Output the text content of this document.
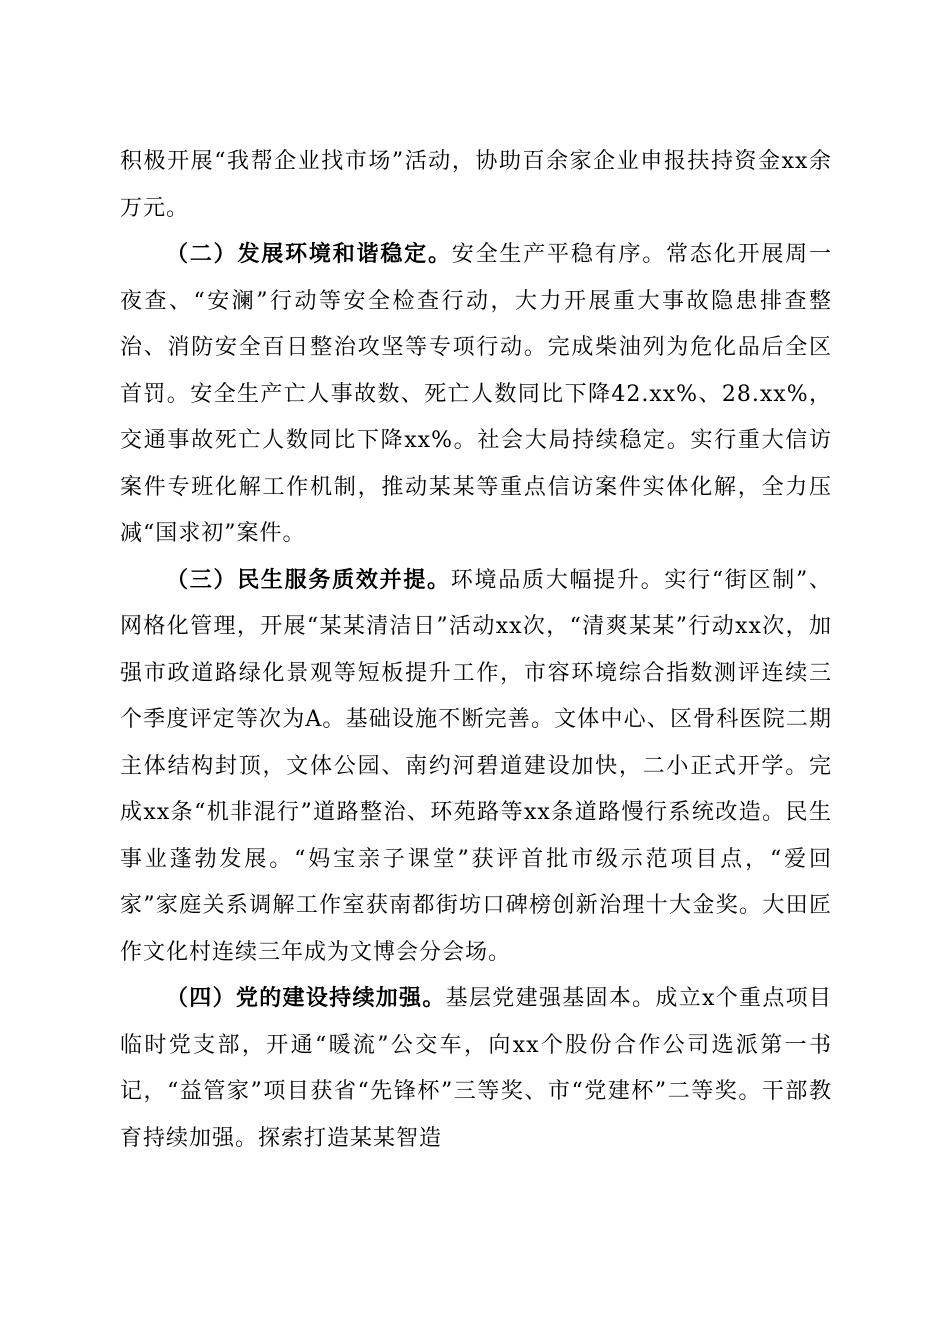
积极开展“我帮企业找市场”活动，协助百余家企业申报扶持资金xx余万元。

（二）发展环境和谐稳定。安全生产平稳有序。常态化开展周一夜查、“安澜”行动等安全检查行动，大力开展重大事故隐患排查整治、消防安全百日整治攻坚等专项行动。完成柴油列为危化品后全区首罚。安全生产亡人事故数、死亡人数同比下降42.xx%、28.xx%，交通事故死亡人数同比下降xx%。社会大局持续稳定。实行重大信访案件专班化解工作机制，推动某某等重点信访案件实体化解，全力压减“国求初”案件。

（三）民生服务质效并提。环境品质大幅提升。实行“街区制”、网格化管理，开展“某某清洁日”活动xx次，“清爽某某”行动xx次，加强市政道路绿化景观等短板提升工作，市容环境综合指数测评连续三个季度评定等次为A。基础设施不断完善。文体中心、区骨科医院二期主体结构封顶，文体公园、南约河碧道建设加快，二小正式开学。完成xx条“机非混行”道路整治、环苑路等xx条道路慢行系统改造。民生事业蓬勃发展。“妈宝亲子课堂”获评首批市级示范项目点，“爱回家”家庭关系调解工作室获南都街坊口碑榜创新治理十大金奖。大田匠作文化村连续三年成为文博会分会场。

（四）党的建设持续加强。基层党建强基固本。成立x个重点项目临时党支部，开通“暖流”公交车，向xx个股份合作公司选派第一书记，“益管家”项目获省“先锋杯”三等奖、市“党建杯”二等奖。干部教育持续加强。探索打造某某智造
